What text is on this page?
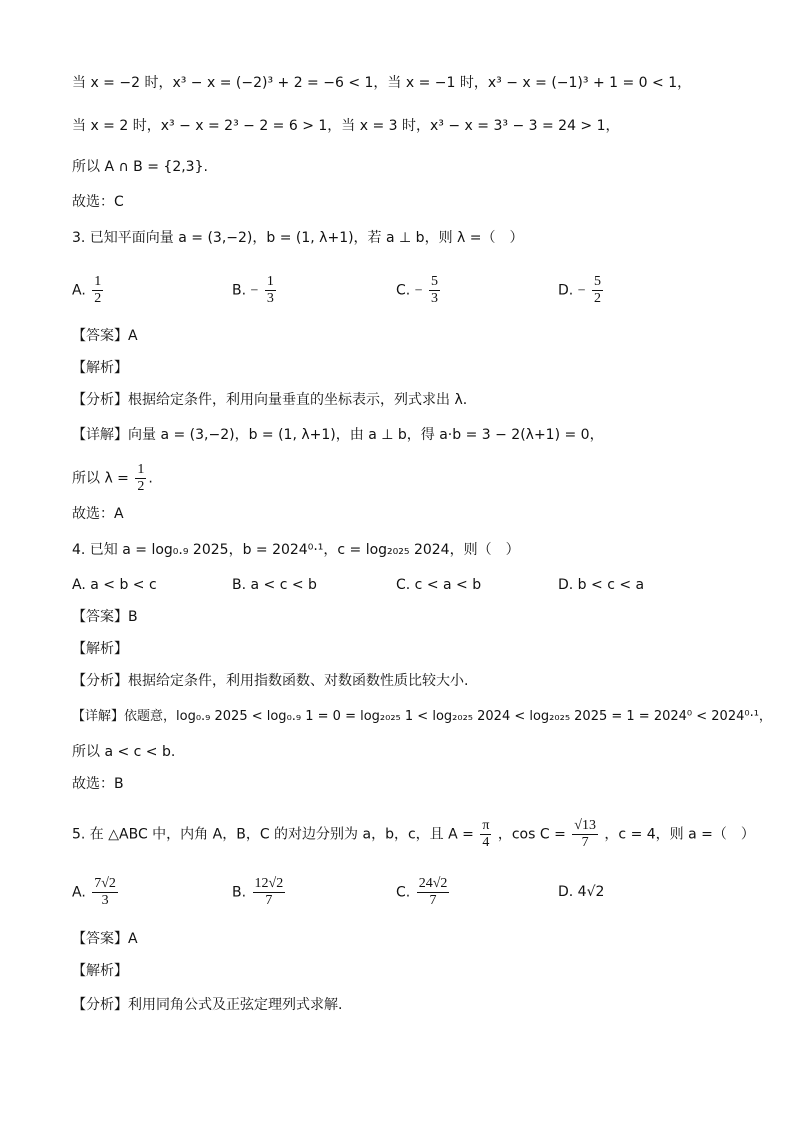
当 x = −2 时，x³ − x = (−2)³ + 2 = −6 < 1，当 x = −1 时，x³ − x = (−1)³ + 1 = 0 < 1，
当 x = 2 时，x³ − x = 2³ − 2 = 6 > 1，当 x = 3 时，x³ − x = 3³ − 3 = 24 > 1，
所以 A ∩ B = {2,3}.
故选：C
3. 已知平面向量 a = (3,−2)，b = (1, λ+1)，若 a ⊥ b，则 λ =（　）
A. $\frac{1}{2}$	B. − $\frac{1}{3}$	C. − $\frac{5}{3}$	D. − $\frac{5}{2}$
【答案】A
【解析】
【分析】根据给定条件，利用向量垂直的坐标表示，列式求出 λ.
【详解】向量 a = (3,−2)，b = (1, λ+1)，由 a ⊥ b，得 a·b = 3 − 2(λ+1) = 0，
所以 $\lambda = \frac{1}{2}$ .
故选：A
4. 已知 a = log₀.₉ 2025，b = 2024⁰·¹，c = log₂₀₂₅ 2024，则（　）
A. a < b < c	B. a < c < b	C. c < a < b	D. b < c < a
【答案】B
【解析】
【分析】根据给定条件，利用指数函数、对数函数性质比较大小.
【详解】依题意，log₀.₉ 2025 < log₀.₉ 1 = 0 = log₂₀₂₅ 1 < log₂₀₂₅ 2024 < log₂₀₂₅ 2025 = 1 = 2024⁰ < 2024⁰·¹，
所以 a < c < b.
故选：B
5. 在 △ABC 中，内角 A，B，C 的对边分别为 a，b，c，且 $A = \frac{\pi}{4}$ ，$\cos C = \frac{√13}{7}$ ，c = 4，则 a =（　）
A. $\frac{7√2}{3}$	B. $\frac{12√2}{7}$	C. $\frac{24√2}{7}$	D. 4√2
【答案】A
【解析】
【分析】利用同角公式及正弦定理列式求解.
